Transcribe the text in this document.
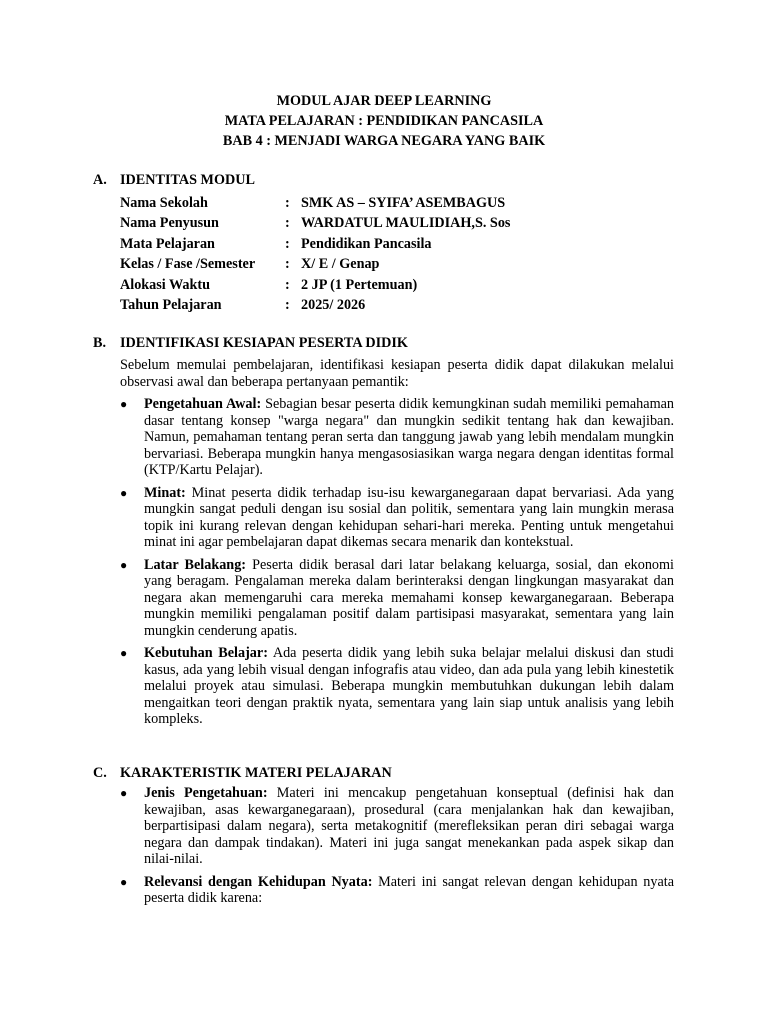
MODUL AJAR DEEP LEARNING
MATA PELAJARAN : PENDIDIKAN PANCASILA
BAB 4 : MENJADI WARGA NEGARA YANG BAIK
A. IDENTITAS MODUL
Nama Sekolah	: SMK AS – SYIFA’ ASEMBAGUS
Nama Penyusun	: WARDATUL MAULIDIAH,S. Sos
Mata Pelajaran	: Pendidikan Pancasila
Kelas / Fase /Semester : X/ E / Genap
Alokasi Waktu	: 2 JP (1 Pertemuan)
Tahun Pelajaran	: 2025/ 2026
B. IDENTIFIKASI KESIAPAN PESERTA DIDIK
Sebelum memulai pembelajaran, identifikasi kesiapan peserta didik dapat dilakukan melalui observasi awal dan beberapa pertanyaan pemantik:
● Pengetahuan Awal: Sebagian besar peserta didik kemungkinan sudah memiliki pemahaman dasar tentang konsep "warga negara" dan mungkin sedikit tentang hak dan kewajiban. Namun, pemahaman tentang peran serta dan tanggung jawab yang lebih mendalam mungkin bervariasi. Beberapa mungkin hanya mengasosiasikan warga negara dengan identitas formal (KTP/Kartu Pelajar).
● Minat: Minat peserta didik terhadap isu-isu kewarganegaraan dapat bervariasi. Ada yang mungkin sangat peduli dengan isu sosial dan politik, sementara yang lain mungkin merasa topik ini kurang relevan dengan kehidupan sehari-hari mereka. Penting untuk mengetahui minat ini agar pembelajaran dapat dikemas secara menarik dan kontekstual.
● Latar Belakang: Peserta didik berasal dari latar belakang keluarga, sosial, dan ekonomi yang beragam. Pengalaman mereka dalam berinteraksi dengan lingkungan masyarakat dan negara akan memengaruhi cara mereka memahami konsep kewarganegaraan. Beberapa mungkin memiliki pengalaman positif dalam partisipasi masyarakat, sementara yang lain mungkin cenderung apatis.
● Kebutuhan Belajar: Ada peserta didik yang lebih suka belajar melalui diskusi dan studi kasus, ada yang lebih visual dengan infografis atau video, dan ada pula yang lebih kinestetik melalui proyek atau simulasi. Beberapa mungkin membutuhkan dukungan lebih dalam mengaitkan teori dengan praktik nyata, sementara yang lain siap untuk analisis yang lebih kompleks.
C. KARAKTERISTIK MATERI PELAJARAN
● Jenis Pengetahuan: Materi ini mencakup pengetahuan konseptual (definisi hak dan kewajiban, asas kewarganegaraan), prosedural (cara menjalankan hak dan kewajiban, berpartisipasi dalam negara), serta metakognitif (merefleksikan peran diri sebagai warga negara dan dampak tindakan). Materi ini juga sangat menekankan pada aspek sikap dan nilai-nilai.
● Relevansi dengan Kehidupan Nyata: Materi ini sangat relevan dengan kehidupan nyata peserta didik karena:
